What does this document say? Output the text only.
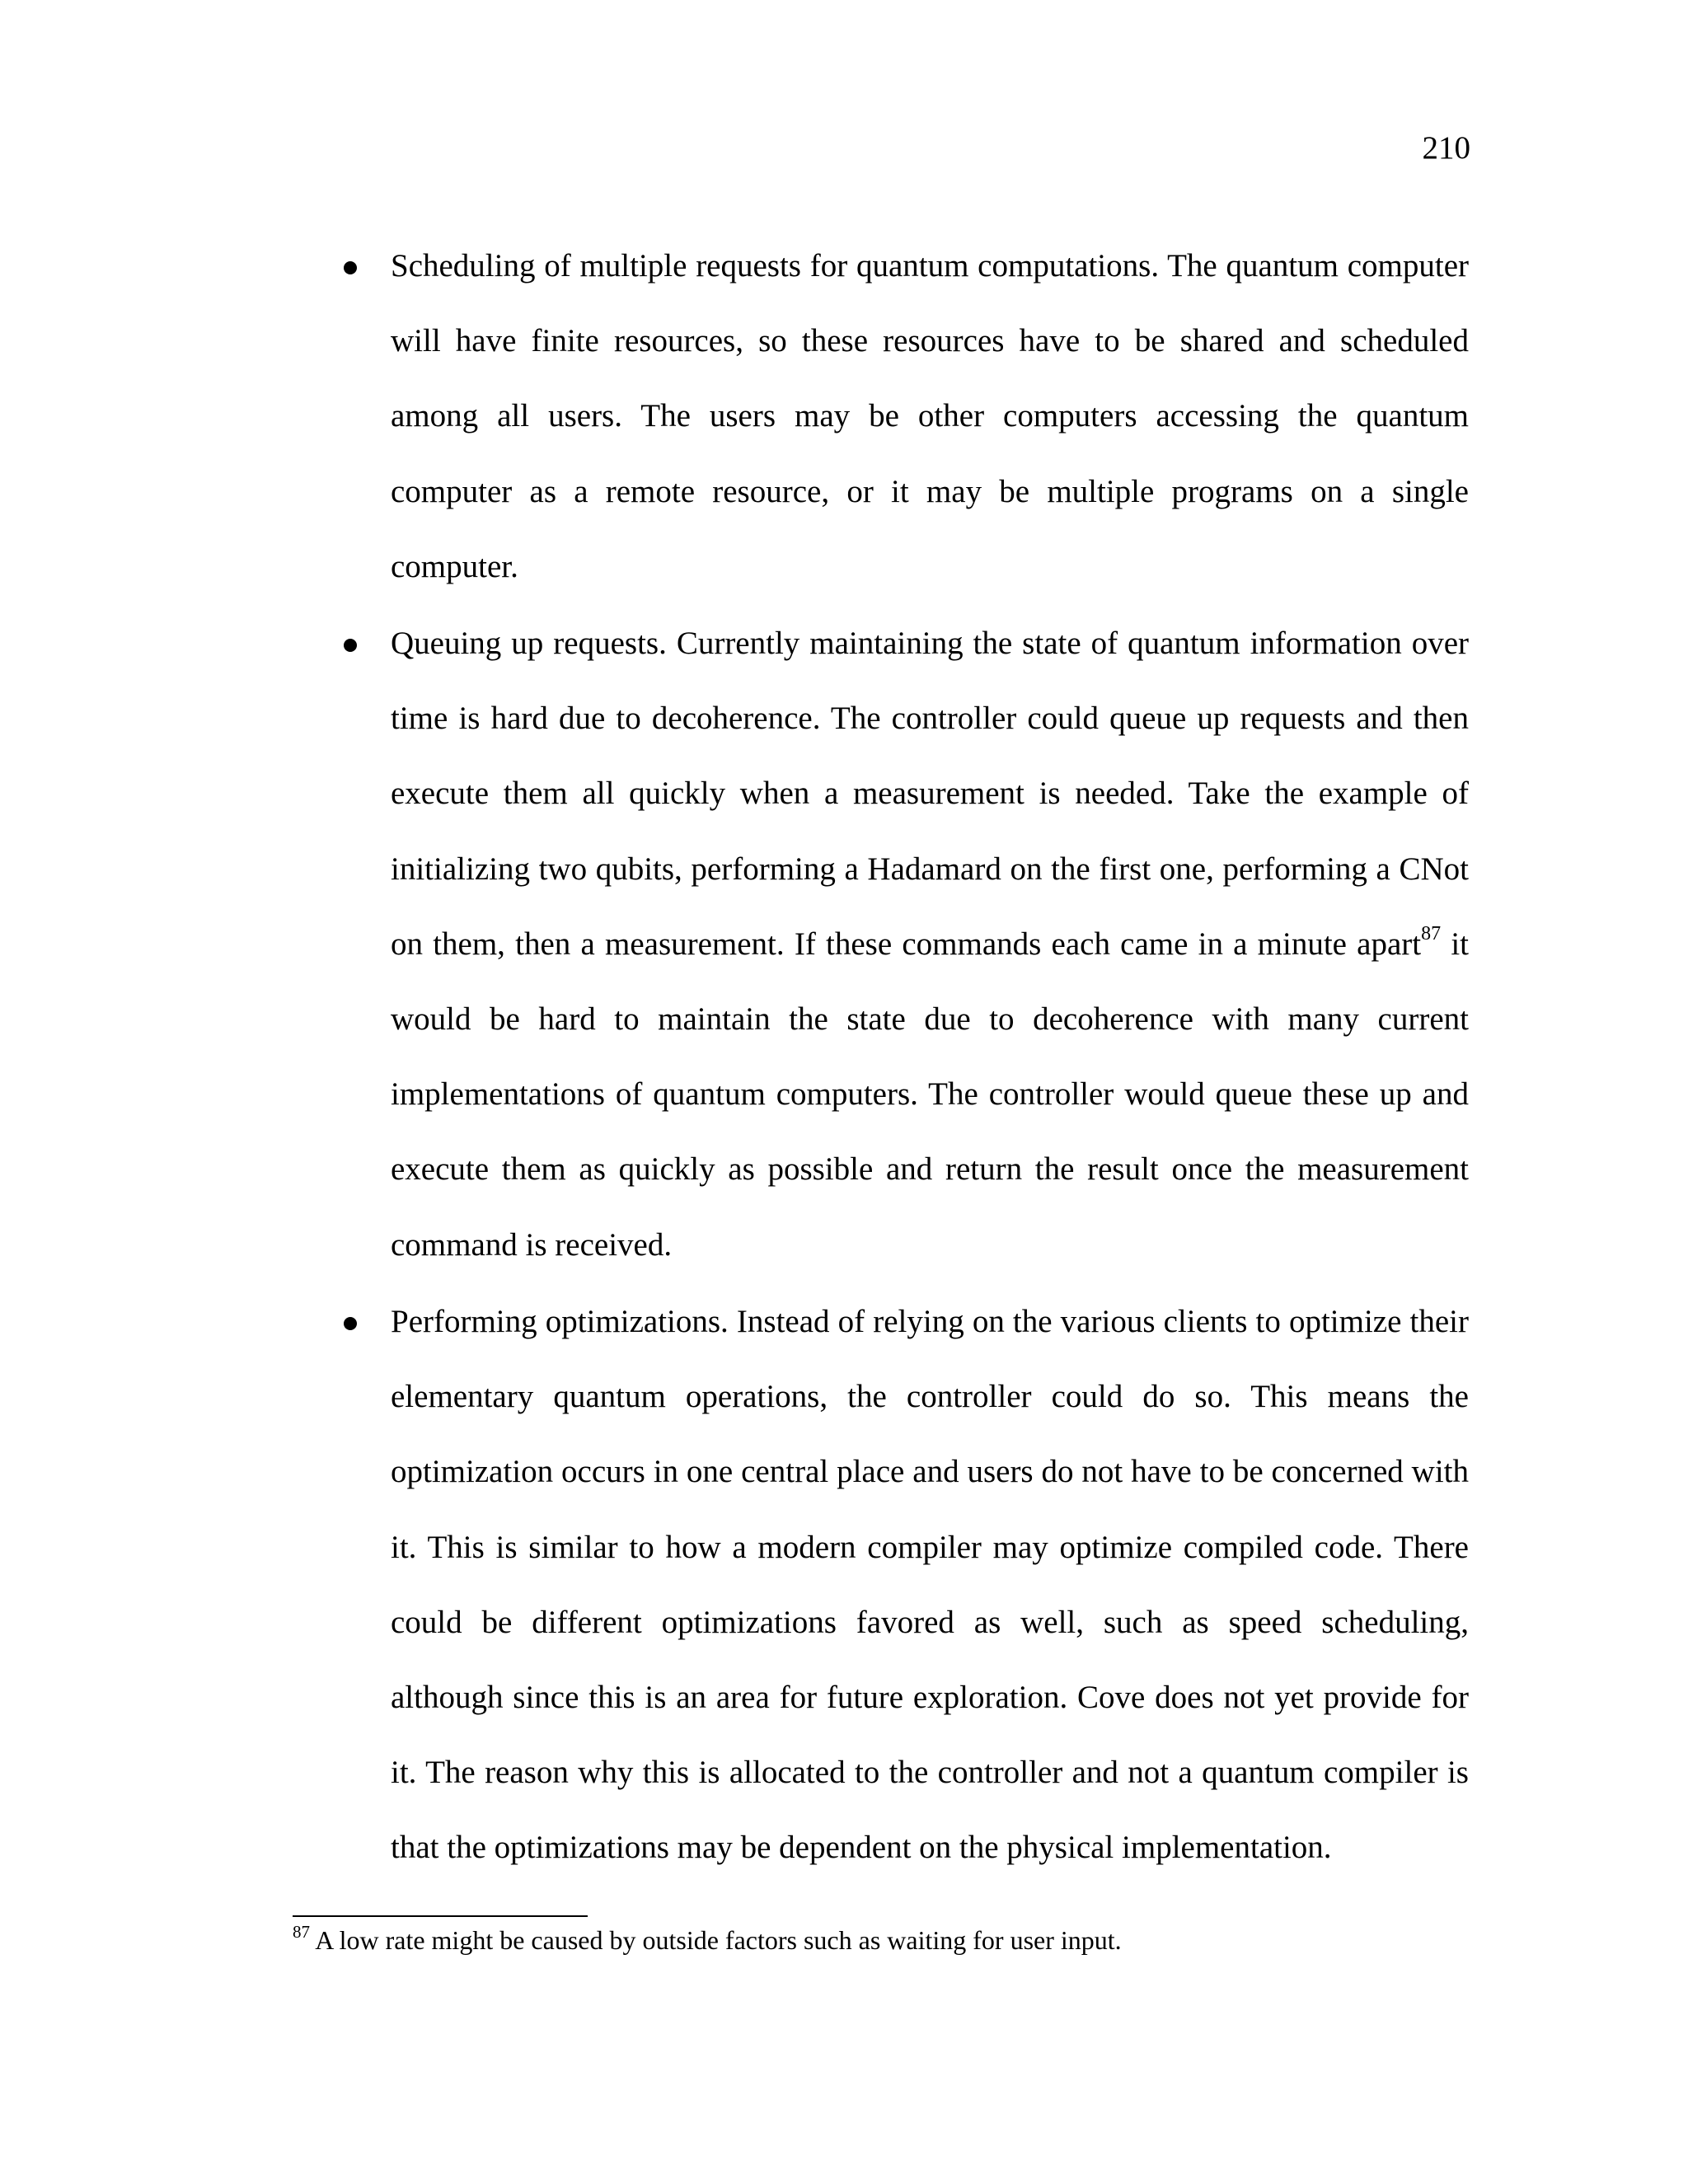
210
Scheduling of multiple requests for quantum computations. The quantum computer will have finite resources, so these resources have to be shared and scheduled among all users. The users may be other computers accessing the quantum computer as a remote resource, or it may be multiple programs on a single computer.
Queuing up requests. Currently maintaining the state of quantum information over time is hard due to decoherence. The controller could queue up requests and then execute them all quickly when a measurement is needed. Take the example of initializing two qubits, performing a Hadamard on the first one, performing a CNot on them, then a measurement. If these commands each came in a minute apart$^{87}$ it would be hard to maintain the state due to decoherence with many current implementations of quantum computers. The controller would queue these up and execute them as quickly as possible and return the result once the measurement command is received.
Performing optimizations. Instead of relying on the various clients to optimize their elementary quantum operations, the controller could do so. This means the optimization occurs in one central place and users do not have to be concerned with it. This is similar to how a modern compiler may optimize compiled code. There could be different optimizations favored as well, such as speed scheduling, although since this is an area for future exploration. Cove does not yet provide for it. The reason why this is allocated to the controller and not a quantum compiler is that the optimizations may be dependent on the physical implementation.
$^{87}$ A low rate might be caused by outside factors such as waiting for user input.
